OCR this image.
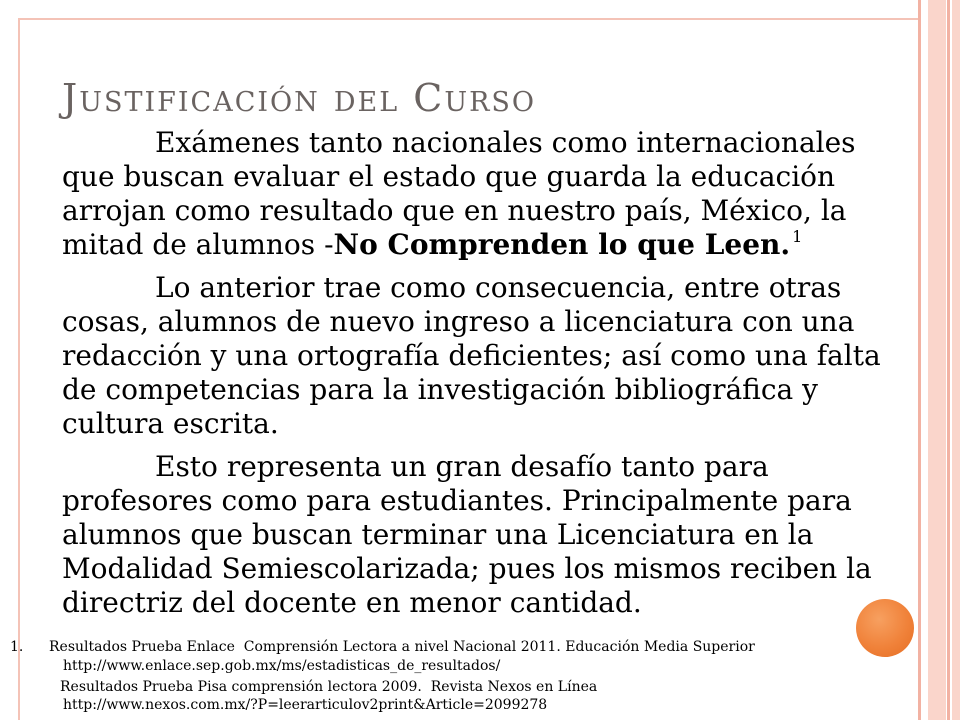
Justificación del Curso
Exámenes tanto nacionales como internacionales
que buscan evaluar el estado que guarda la educación
arrojan como resultado que en nuestro país, México, la
mitad de alumnos -No Comprenden lo que Leen. $^1$
Lo anterior trae como consecuencia, entre otras
cosas, alumnos de nuevo ingreso a licenciatura con una
redacción y una ortografía deficientes; así como una falta
de competencias para la investigación bibliográfica y
cultura escrita.
Esto representa un gran desafío tanto para
profesores como para estudiantes. Principalmente para
alumnos que buscan terminar una Licenciatura en la
Modalidad Semiescolarizada; pues los mismos reciben la
directriz del docente en menor cantidad.
1. Resultados Prueba Enlace  Comprensión Lectora a nivel Nacional 2011. Educación Media Superior
http://www.enlace.sep.gob.mx/ms/estadisticas_de_resultados/
Resultados Prueba Pisa comprensión lectora 2009.  Revista Nexos en Línea
http://www.nexos.com.mx/?P=leerarticulov2print&Article=2099278
